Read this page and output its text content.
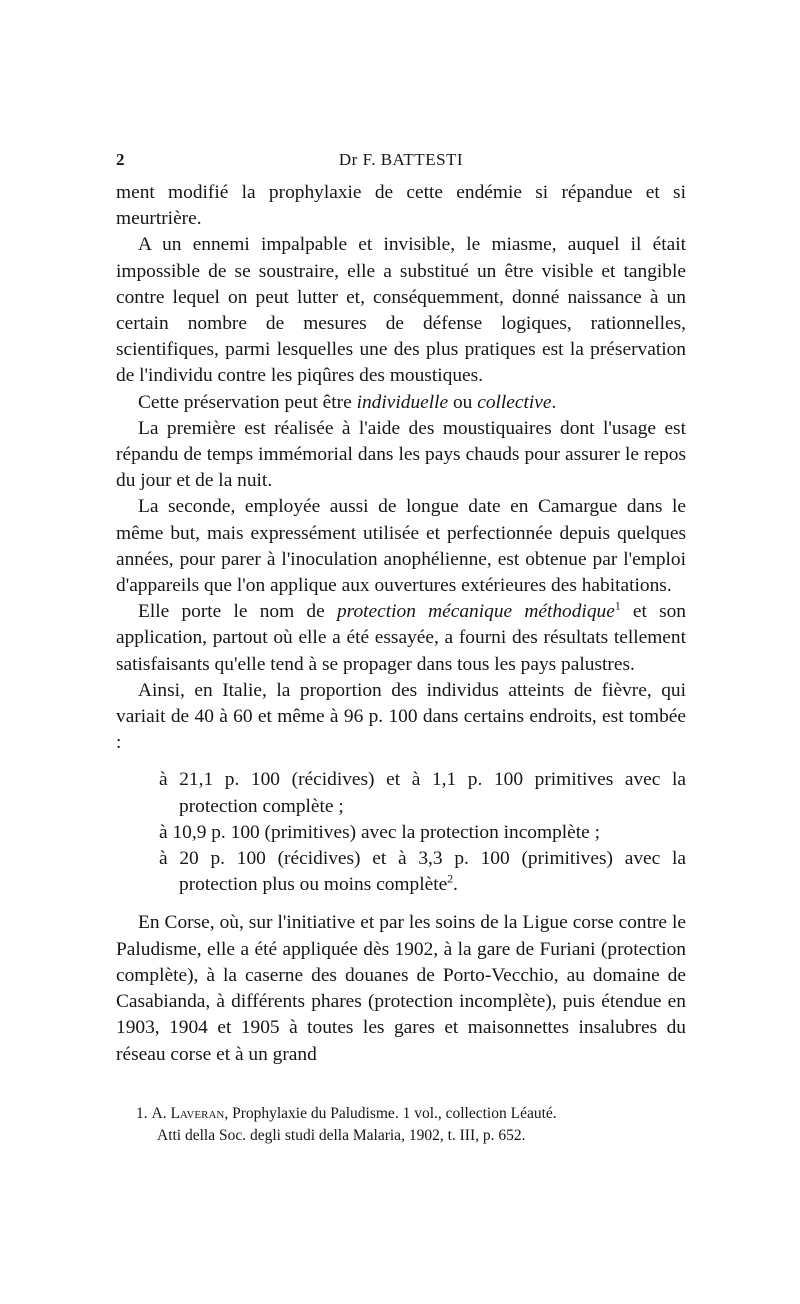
2	Dr F. BATTESTI

ment modifié la prophylaxie de cette endémie si répandue et si meurtrière.

A un ennemi impalpable et invisible, le miasme, auquel il était impossible de se soustraire, elle a substitué un être visible et tangible contre lequel on peut lutter et, conséquemment, donné naissance à un certain nombre de mesures de défense logiques, rationnelles, scientifiques, parmi lesquelles une des plus pratiques est la préservation de l'individu contre les piqûres des moustiques.

Cette préservation peut être individuelle ou collective.

La première est réalisée à l'aide des moustiquaires dont l'usage est répandu de temps immémorial dans les pays chauds pour assurer le repos du jour et de la nuit.

La seconde, employée aussi de longue date en Camargue dans le même but, mais expressément utilisée et perfectionnée depuis quelques années, pour parer à l'inoculation anophélienne, est obtenue par l'emploi d'appareils que l'on applique aux ouvertures extérieures des habitations.

Elle porte le nom de protection mécanique méthodique$^1$ et son application, partout où elle a été essayée, a fourni des résultats tellement satisfaisants qu'elle tend à se propager dans tous les pays palustres.

Ainsi, en Italie, la proportion des individus atteints de fièvre, qui variait de 40 à 60 et même à 96 p. 100 dans certains endroits, est tombée :

à 21,1 p. 100 (récidives) et à 1,1 p. 100 primitives avec la protection complète ;

à 10,9 p. 100 (primitives) avec la protection incomplète ;

à 20 p. 100 (récidives) et à 3,3 p. 100 (primitives) avec la protection plus ou moins complète$^2$.

En Corse, où, sur l'initiative et par les soins de la Ligue corse contre le Paludisme, elle a été appliquée dès 1902, à la gare de Furiani (protection complète), à la caserne des douanes de Porto-Vecchio, au domaine de Casabianda, à différents phares (protection incomplète), puis étendue en 1903, 1904 et 1905 à toutes les gares et maisonnettes insalubres du réseau corse et à un grand

1. A. Laveran, Prophylaxie du Paludisme. 1 vol., collection Léauté.

Atti della Soc. degli studi della Malaria, 1902, t. III, p. 652.
